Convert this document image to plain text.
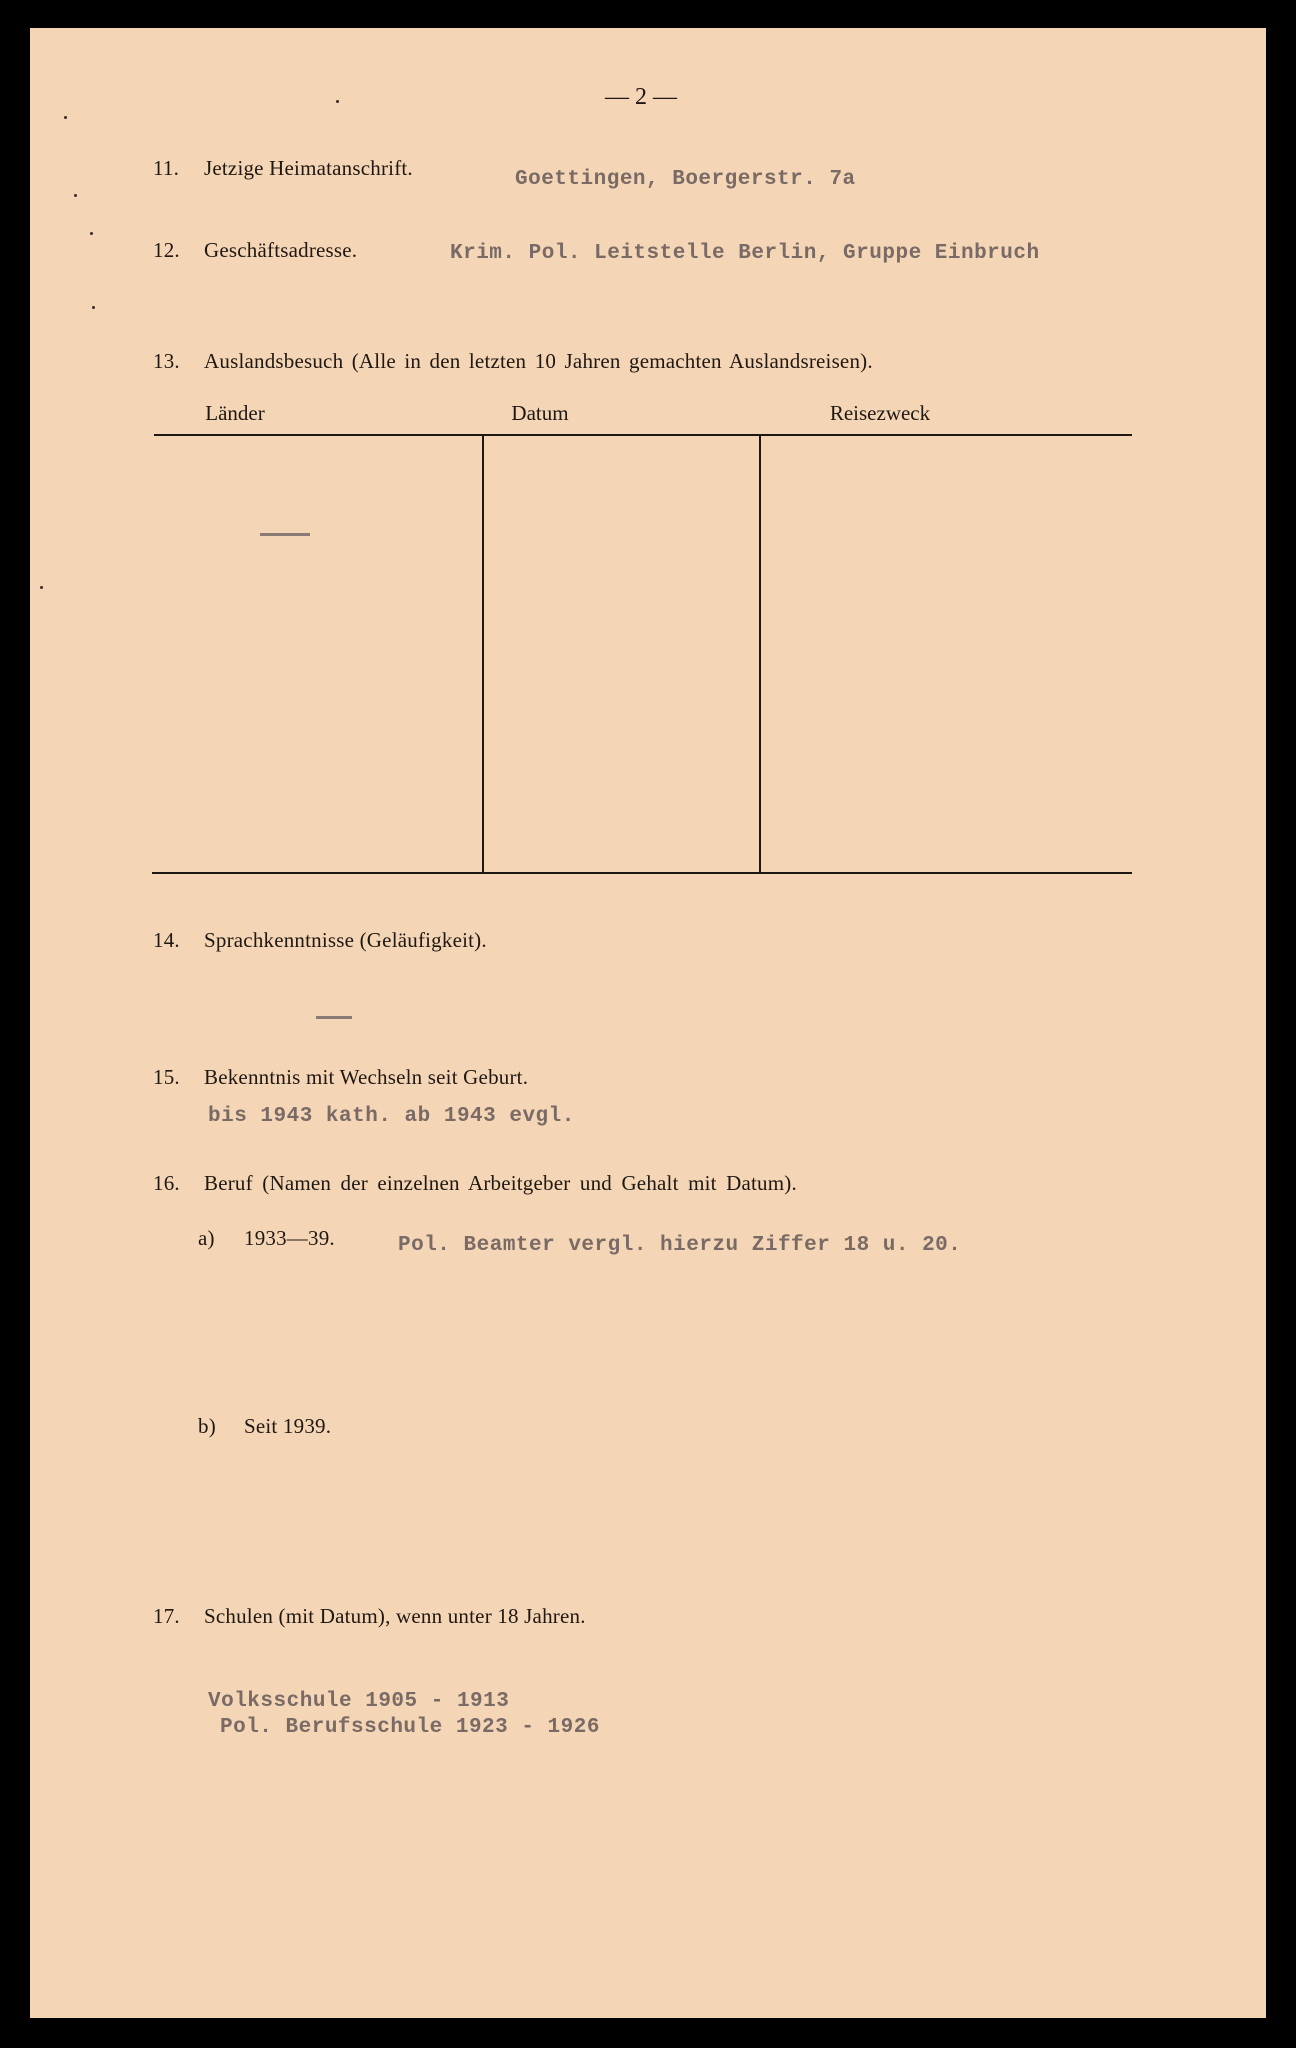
— 2 —
11. Jetzige Heimatanschrift.	Goettingen, Boergerstr. 7a
12. Geschäftsadresse.	Krim. Pol. Leitstelle Berlin, Gruppe Einbruch
13. Auslandsbesuch (Alle in den letzten 10 Jahren gemachten Auslandsreisen).
Länder	Datum	Reisezweck
14. Sprachkenntnisse (Geläufigkeit).
15. Bekenntnis mit Wechseln seit Geburt.
bis 1943 kath. ab 1943 evgl.
16. Beruf (Namen der einzelnen Arbeitgeber und Gehalt mit Datum).
a) 1933—39.	Pol. Beamter vergl. hierzu Ziffer 18 u. 20.
b) Seit 1939.
17. Schulen (mit Datum), wenn unter 18 Jahren.
Volksschule 1905 - 1913
Pol. Berufsschule 1923 - 1926
